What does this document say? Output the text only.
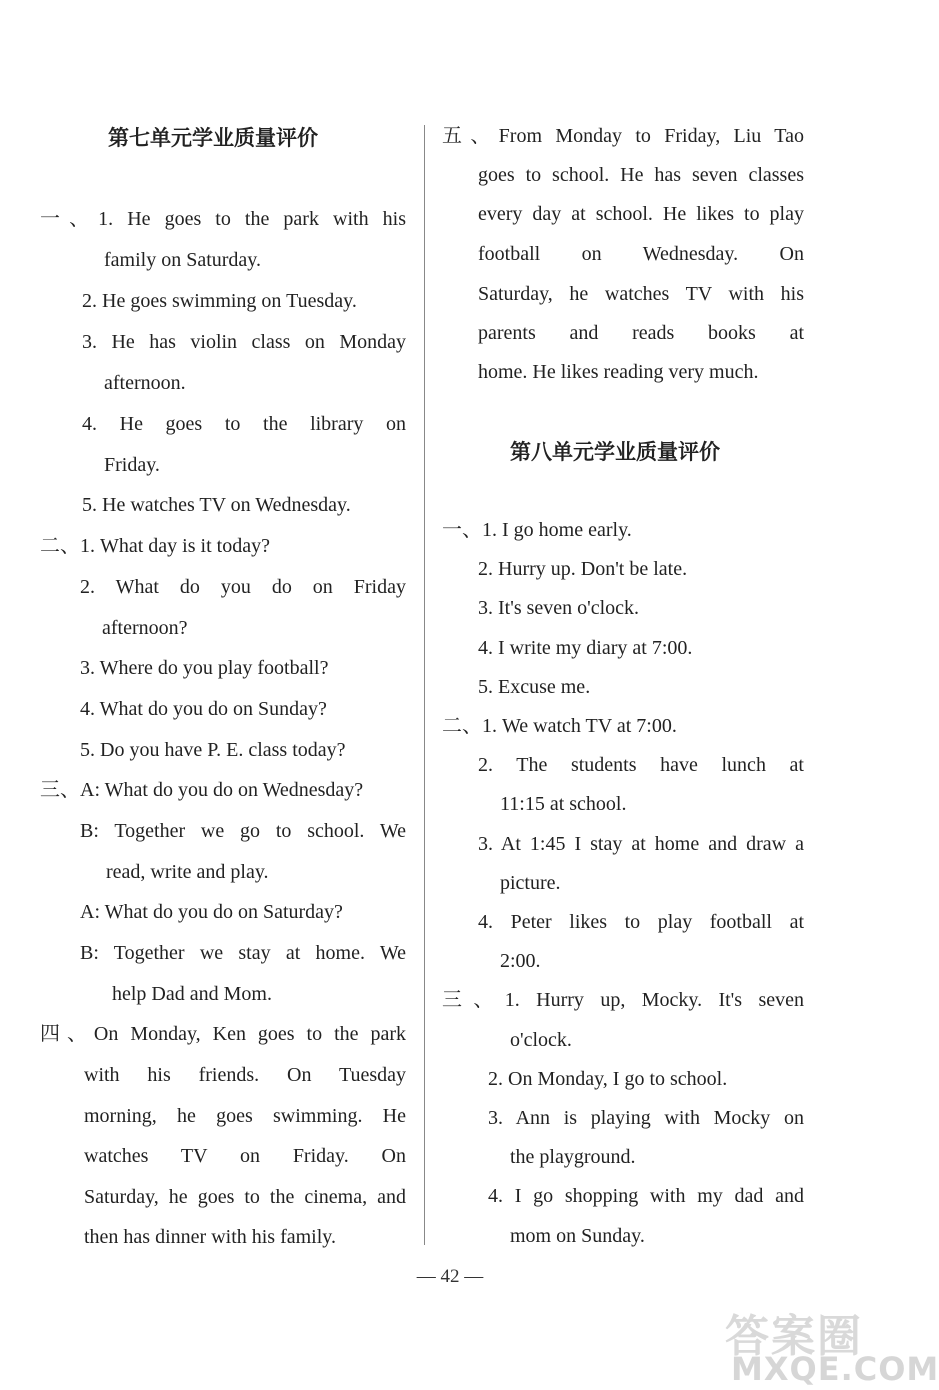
第七单元学业质量评价
一、1. He goes to the park with his
family on Saturday.
2. He goes swimming on Tuesday.
3. He has violin class on Monday
afternoon.
4. He goes to the library on
Friday.
5. He watches TV on Wednesday.
二、1. What day is it today?
2. What do you do on Friday
afternoon?
3. Where do you play football?
4. What do you do on Sunday?
5. Do you have P. E. class today?
三、A: What do you do on Wednesday?
B: Together we go to school. We
read, write and play.
A: What do you do on Saturday?
B: Together we stay at home. We
help Dad and Mom.
四、On Monday, Ken goes to the park
with his friends. On Tuesday
morning, he goes swimming. He
watches TV on Friday. On
Saturday, he goes to the cinema, and
then has dinner with his family.
第八单元学业质量评价
五、From Monday to Friday, Liu Tao
goes to school. He has seven classes
every day at school. He likes to play
football on Wednesday. On
Saturday, he watches TV with his
parents and reads books at
home. He likes reading very much.
一、1. I go home early.
2. Hurry up. Don't be late.
3. It's seven o'clock.
4. I write my diary at 7:00.
5. Excuse me.
二、1. We watch TV at 7:00.
2. The students have lunch at
11:15 at school.
3. At 1:45 I stay at home and draw a
picture.
4. Peter likes to play football at
2:00.
三、1. Hurry up, Mocky. It's seven
o'clock.
2. On Monday, I go to school.
3. Ann is playing with Mocky on
the playground.
4. I go shopping with my dad and
mom on Sunday.
— 42 —
答案圈
MXQE.COM
